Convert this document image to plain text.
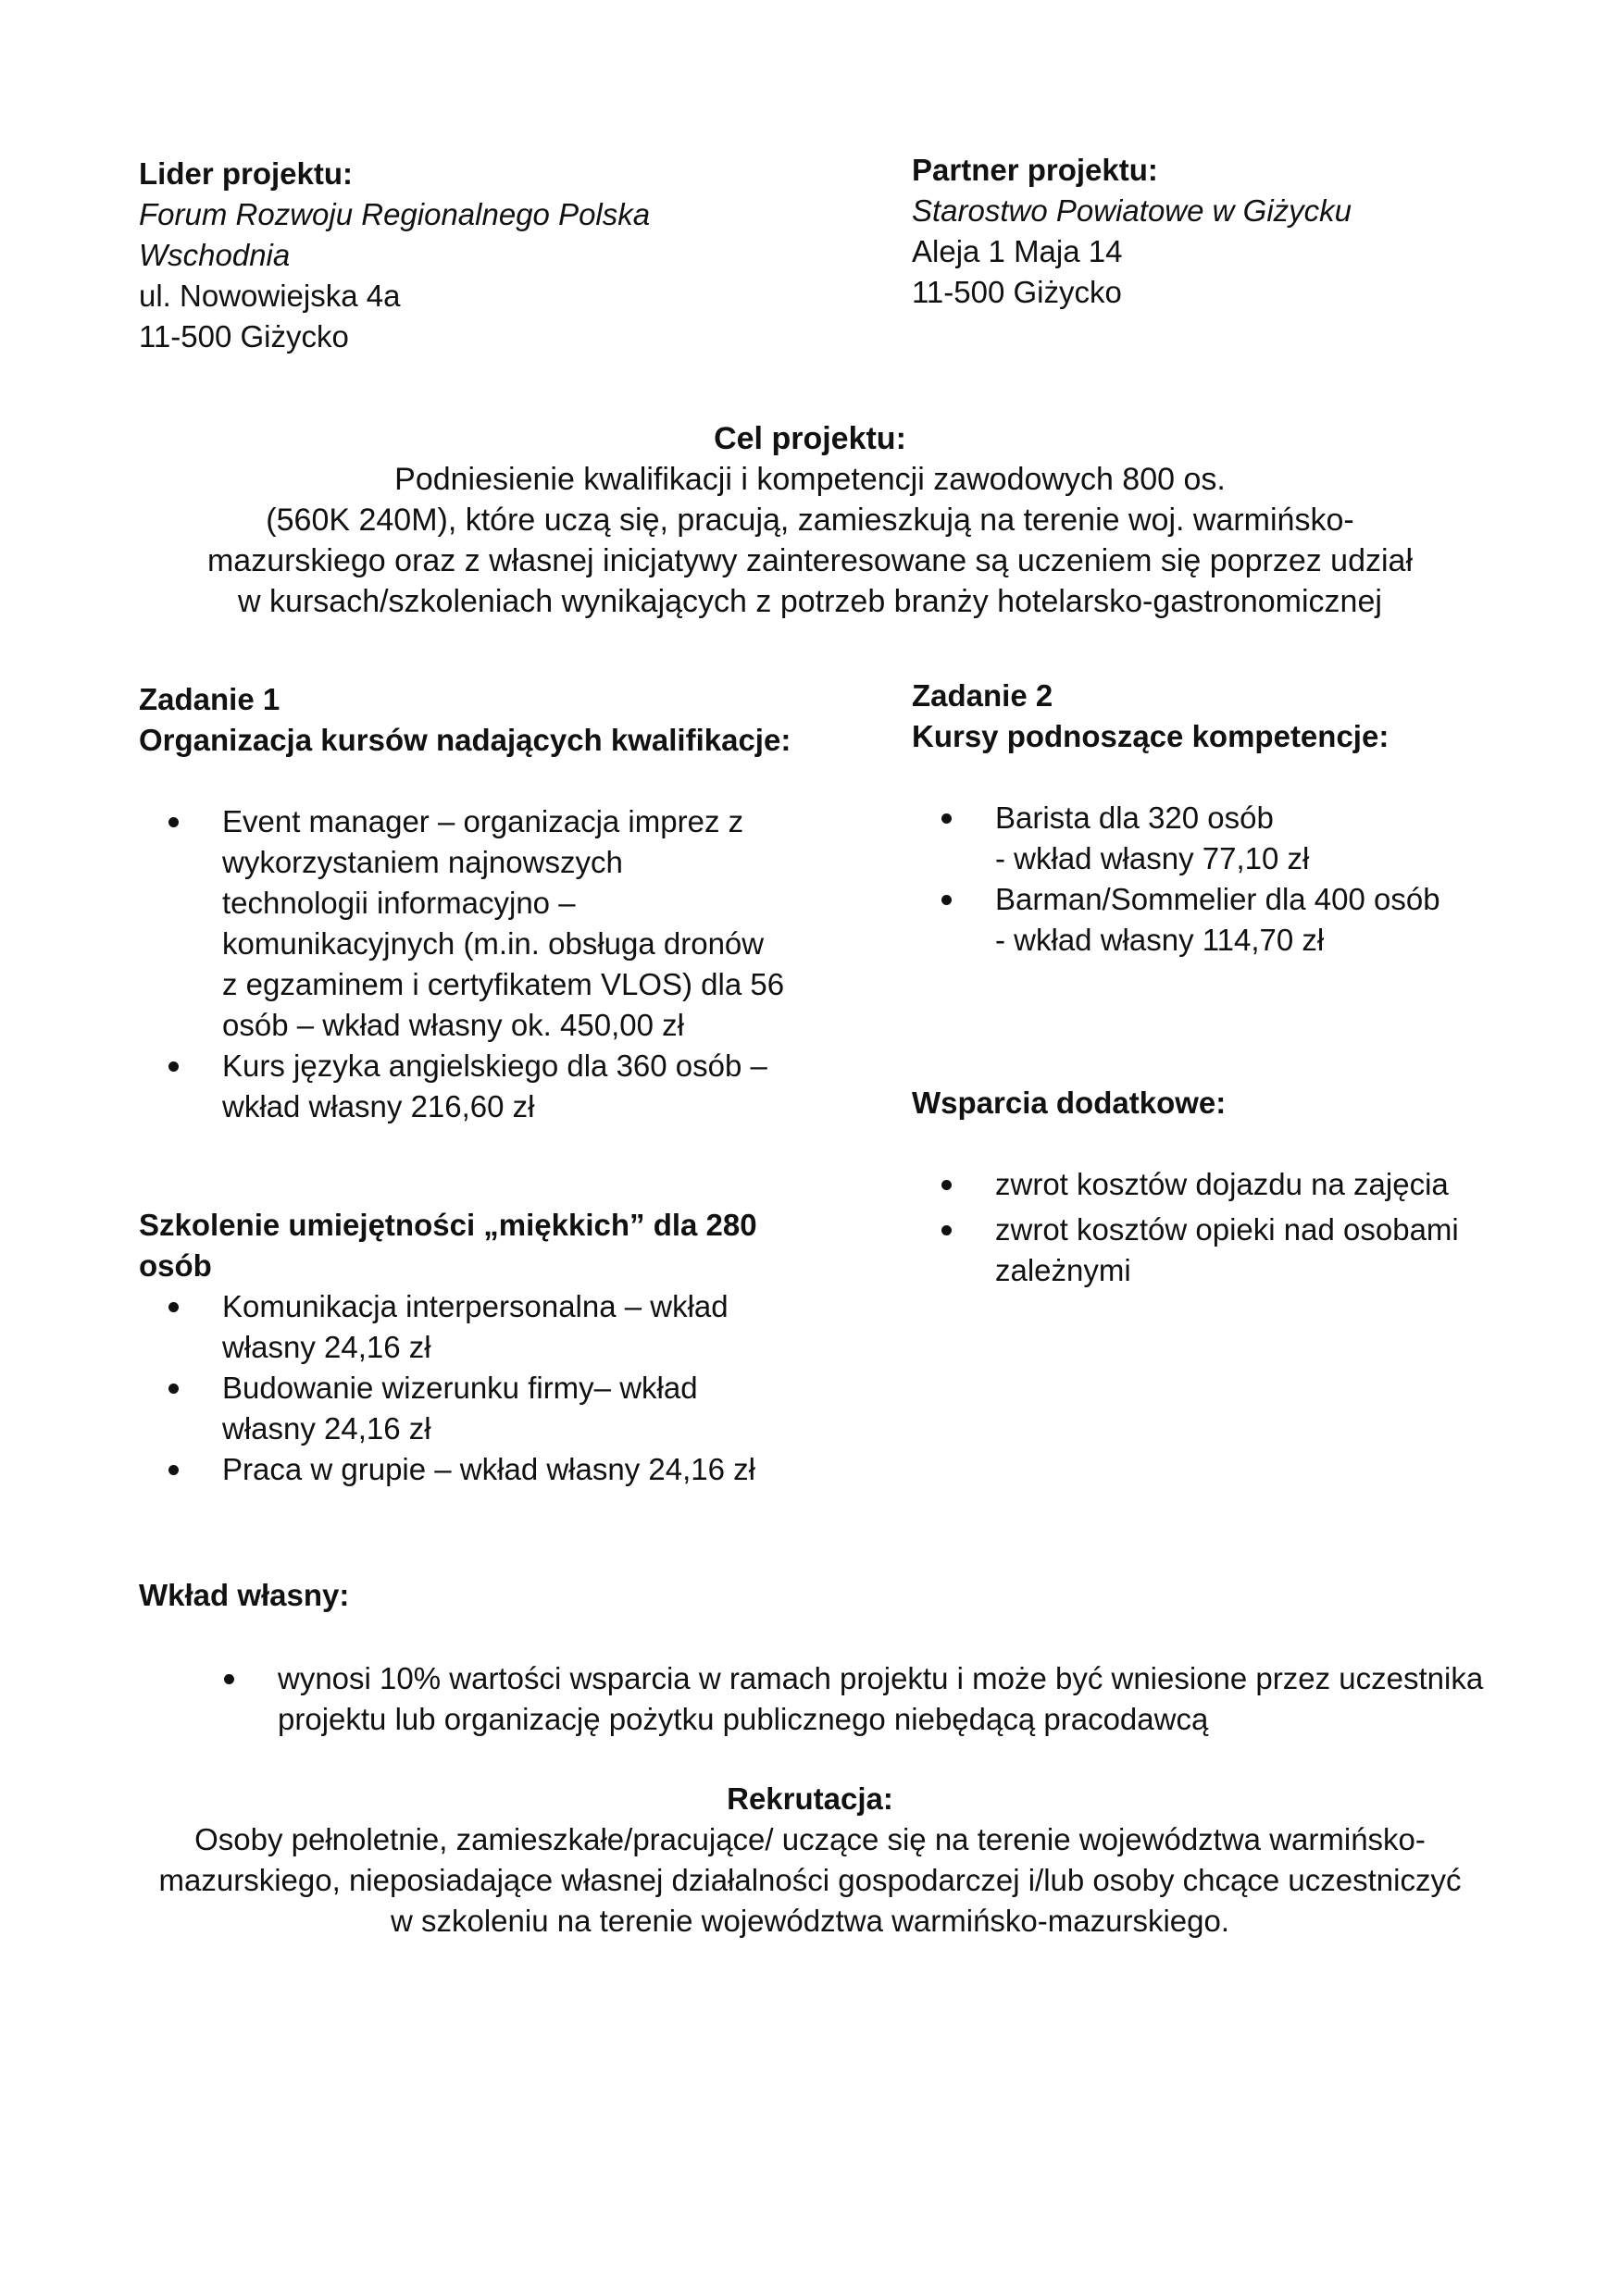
Lider projektu:
Forum Rozwoju Regionalnego Polska
Wschodnia
ul. Nowowiejska 4a
11-500 Giżycko
Partner projektu:
Starostwo Powiatowe w Giżycku
Aleja 1 Maja 14
11-500 Giżycko
Cel projektu:
Podniesienie kwalifikacji i kompetencji zawodowych 800 os.
(560K 240M), które uczą się, pracują, zamieszkują na terenie woj. warmińsko-
mazurskiego oraz z własnej inicjatywy zainteresowane są uczeniem się poprzez udział
w kursach/szkoleniach wynikających z potrzeb branży hotelarsko-gastronomicznej
Zadanie 1
Organizacja kursów nadających kwalifikacje:
Event manager – organizacja imprez z
wykorzystaniem najnowszych
technologii informacyjno –
komunikacyjnych (m.in. obsługa dronów
z egzaminem i certyfikatem VLOS) dla 56
osób – wkład własny ok. 450,00 zł
Kurs języka angielskiego dla 360 osób –
wkład własny 216,60 zł
Szkolenie umiejętności „miękkich” dla 280
osób
Komunikacja interpersonalna – wkład
własny 24,16 zł
Budowanie wizerunku firmy– wkład
własny 24,16 zł
Praca w grupie – wkład własny 24,16 zł
Zadanie 2
Kursy podnoszące kompetencje:
Barista dla 320 osób
- wkład własny 77,10 zł
Barman/Sommelier dla 400 osób
- wkład własny 114,70 zł
Wsparcia dodatkowe:
zwrot kosztów dojazdu na zajęcia
zwrot kosztów opieki nad osobami
zależnymi
Wkład własny:
wynosi 10% wartości wsparcia w ramach projektu i może być wniesione przez uczestnika
projektu lub organizację pożytku publicznego niebędącą pracodawcą
Rekrutacja:
Osoby pełnoletnie, zamieszkałe/pracujące/ uczące się na terenie województwa warmińsko-
mazurskiego, nieposiadające własnej działalności gospodarczej i/lub osoby chcące uczestniczyć
w szkoleniu na terenie województwa warmińsko-mazurskiego.
